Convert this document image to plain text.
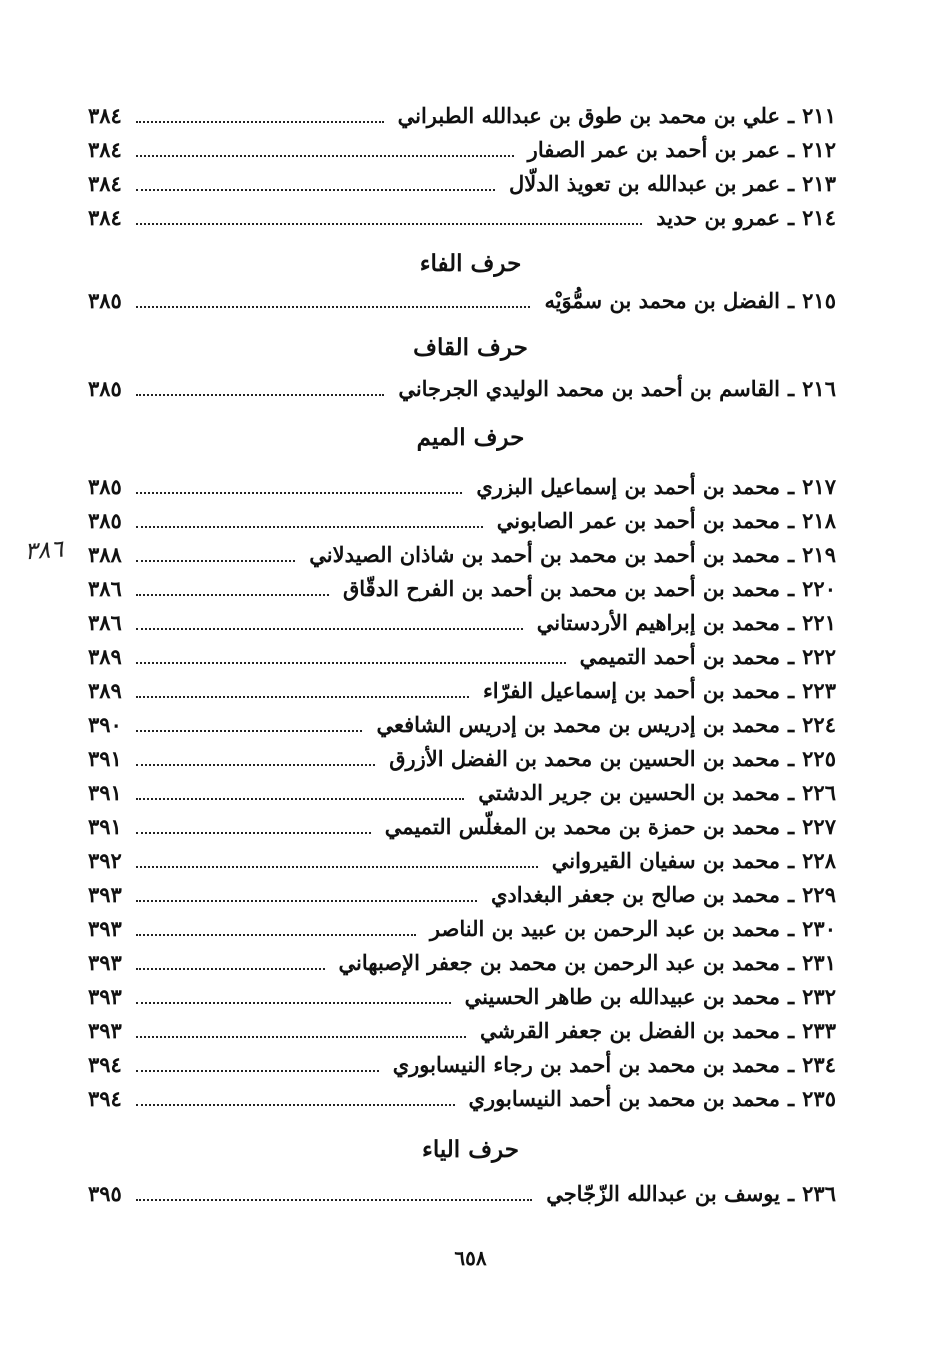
٢١١
ـ
علي بن محمد بن طوق بن عبدالله الطبراني
٣٨٤
٢١٢
ـ
عمر بن أحمد بن عمر الصفار
٣٨٤
٢١٣
ـ
عمر بن عبدالله بن تعويذ الدلّال
٣٨٤
٢١٤
ـ
عمرو بن حديد
٣٨٤
حرف الفاء
٢١٥
ـ
الفضل بن محمد بن سمُّوَيْه
٣٨٥
حرف القاف
٢١٦
ـ
القاسم بن أحمد بن محمد الوليدي الجرجاني
٣٨٥
حرف الميم
٢١٧
ـ
محمد بن أحمد بن إسماعيل البزري
٣٨٥
٢١٨
ـ
محمد بن أحمد بن عمر الصابوني
٣٨٥
٢١٩
ـ
محمد بن أحمد بن محمد بن أحمد بن شاذان الصيدلاني
٣٨٨
٢٢٠
ـ
محمد بن أحمد بن محمد بن أحمد بن الفرح الدقّاق
٣٨٦
٢٢١
ـ
محمد بن إبراهيم الأردستاني
٣٨٦
٢٢٢
ـ
محمد بن أحمد التميمي
٣٨٩
٢٢٣
ـ
محمد بن أحمد بن إسماعيل الفرّاء
٣٨٩
٢٢٤
ـ
محمد بن إدريس بن محمد بن إدريس الشافعي
٣٩٠
٢٢٥
ـ
محمد بن الحسين بن محمد بن الفضل الأزرق
٣٩١
٢٢٦
ـ
محمد بن الحسين بن جرير الدشتي
٣٩١
٢٢٧
ـ
محمد بن حمزة بن محمد بن المغلّس التميمي
٣٩١
٢٢٨
ـ
محمد بن سفيان القيرواني
٣٩٢
٢٢٩
ـ
محمد بن صالح بن جعفر البغدادي
٣٩٣
٢٣٠
ـ
محمد بن عبد الرحمن بن عبيد بن الناصر
٣٩٣
٢٣١
ـ
محمد بن عبد الرحمن بن محمد بن جعفر الإصبهاني
٣٩٣
٢٣٢
ـ
محمد بن عبيدالله بن طاهر الحسيني
٣٩٣
٢٣٣
ـ
محمد بن الفضل بن جعفر القرشي
٣٩٣
٢٣٤
ـ
محمد بن محمد بن أحمد بن رجاء النيسابوري
٣٩٤
٢٣٥
ـ
محمد بن محمد بن أحمد النيسابوري
٣٩٤
حرف الياء
٢٣٦
ـ
يوسف بن عبدالله الزّجّاجي
٣٩٥
٣٨٦
٦٥٨
